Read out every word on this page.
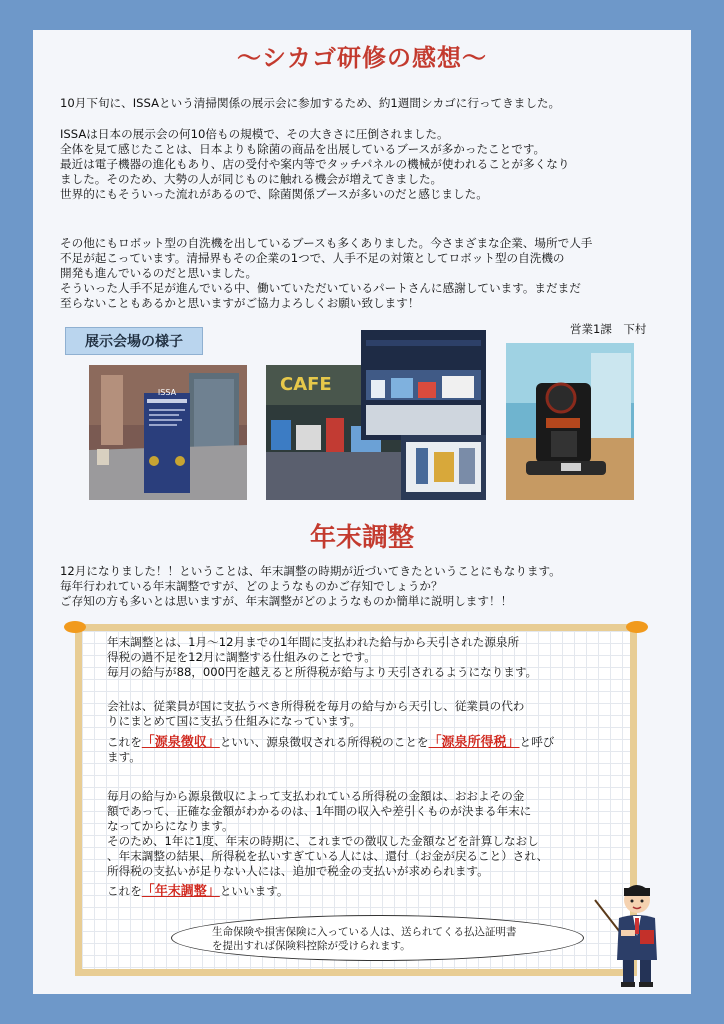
～シカゴ研修の感想～
10月下旬に、ISSAという清掃関係の展示会に参加するため、約1週間シカゴに行ってきました。
ISSAは日本の展示会の何10倍もの規模で、その大きさに圧倒されました。
全体を見て感じたことは、日本よりも除菌の商品を出展しているブースが多かったことです。
最近は電子機器の進化もあり、店の受付や案内等でタッチパネルの機械が使われることが多くなり
ました。そのため、大勢の人が同じものに触れる機会が増えてきました。
世界的にもそういった流れがあるので、除菌関係ブースが多いのだと感じました。
その他にもロボット型の自洗機を出しているブースも多くありました。今さまざまな企業、場所で人手
不足が起こっています。清掃界もその企業の1つで、人手不足の対策としてロボット型の自洗機の
開発も進んでいるのだと思いました。
そういった人手不足が進んでいる中、働いていただいているパートさんに感謝しています。まだまだ
至らないこともあるかと思いますがご協力よろしくお願い致します！
営業1課　下村
展示会場の様子
ISSA	CAFE
年末調整
12月になりました！！ということは、年末調整の時期が近づいてきたということにもなります。
毎年行われている年末調整ですが、どのようなものかご存知でしょうか？
ご存知の方も多いとは思いますが、年末調整がどのようなものか簡単に説明します！！
年末調整とは、1月～12月までの1年間に支払われた給与から天引された源泉所
得税の過不足を12月に調整する仕組みのことです。
毎月の給与が88，000円を越えると所得税が給与より天引されるようになります。
会社は、従業員が国に支払うべき所得税を毎月の給与から天引し、従業員の代わ
りにまとめて国に支払う仕組みになっています。
これを「源泉徴収」といい、源泉徴収される所得税のことを「源泉所得税」と呼び
ます。
毎月の給与から源泉徴収によって支払われている所得税の金額は、おおよその金
額であって、正確な金額がわかるのは、1年間の収入や差引くものが決まる年末に
なってからになります。
そのため、1年に1度、年末の時期に、これまでの徴収した金額などを計算しなおし
、年末調整の結果、所得税を払いすぎている人には、還付（お金が戻ること）され、
所得税の支払いが足りない人には、追加で税金の支払いが求められます。
これを「年末調整」といいます。
生命保険や損害保険に入っている人は、送られてくる払込証明書
を提出すれば保険料控除が受けられます。
